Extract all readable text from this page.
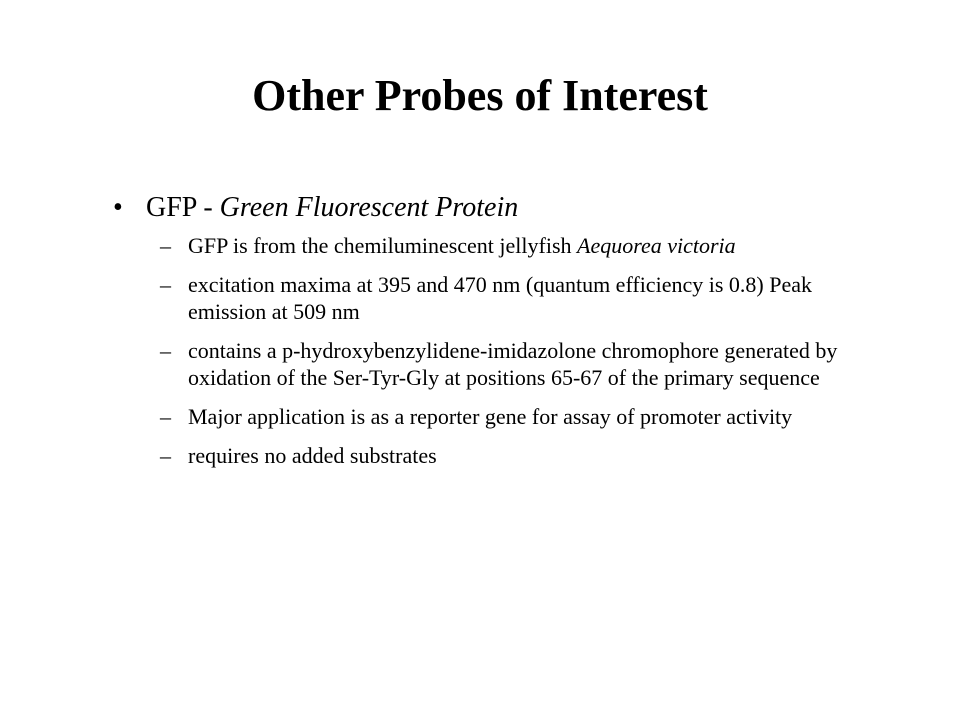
Other Probes of Interest
• GFP - Green Fluorescent Protein
– GFP is from the chemiluminescent jellyfish Aequorea victoria
– excitation maxima at 395 and 470 nm (quantum efficiency is 0.8) Peak emission at 509 nm
– contains a p-hydroxybenzylidene-imidazolone chromophore generated by oxidation of the Ser-Tyr-Gly at positions 65-67 of the primary sequence
– Major application is as a reporter gene for assay of promoter activity
– requires no added substrates
